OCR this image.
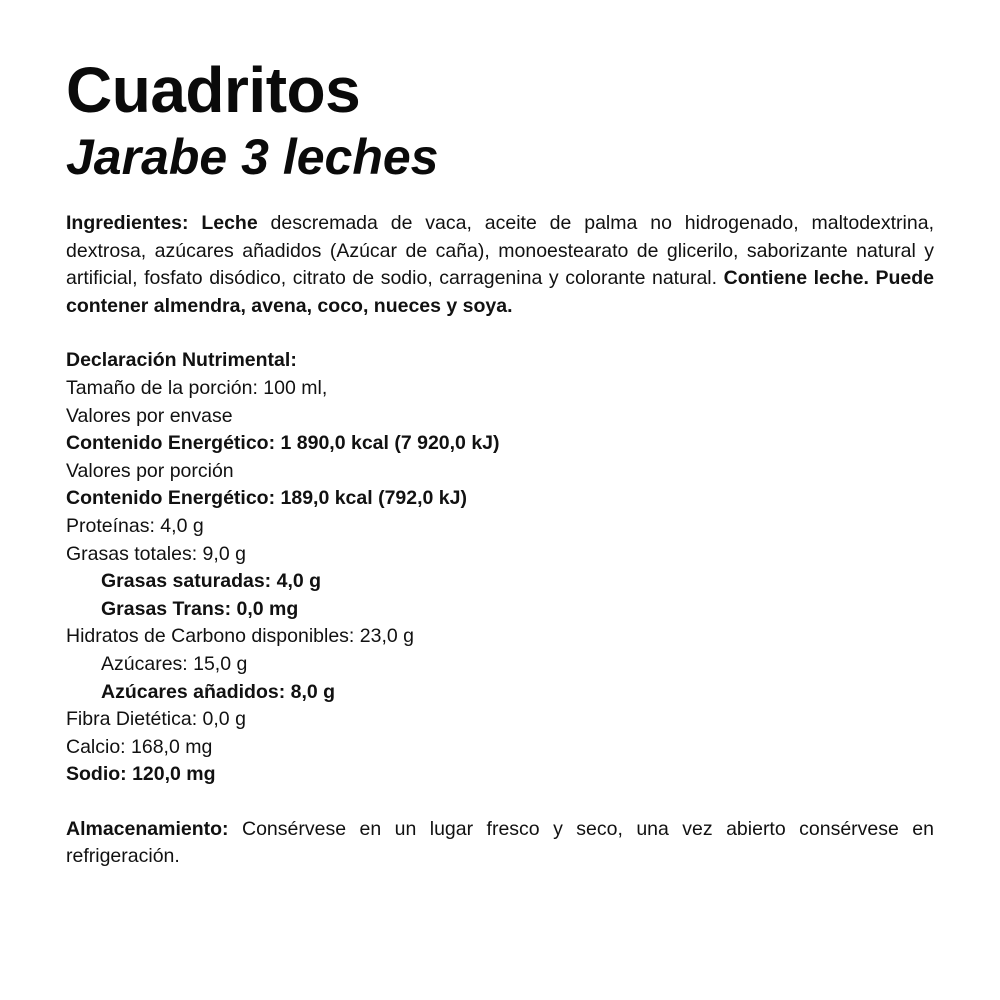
Cuadritos
Jarabe 3 leches

Ingredientes: Leche descremada de vaca, aceite de palma no hidrogenado, maltodextrina, dextrosa, azúcares añadidos (Azúcar de caña), monoestearato de glicerilo, saborizante natural y artificial, fosfato disódico, citrato de sodio, carragenina y colorante natural. Contiene leche. Puede contener almendra, avena, coco, nueces y soya.

Declaración Nutrimental:
Tamaño de la porción: 100 ml,
Valores por envase
Contenido Energético: 1 890,0 kcal (7 920,0 kJ)
Valores por porción
Contenido Energético: 189,0 kcal (792,0 kJ)
Proteínas: 4,0 g
Grasas totales: 9,0 g
Grasas saturadas: 4,0 g
Grasas Trans: 0,0 mg
Hidratos de Carbono disponibles: 23,0 g
Azúcares: 15,0 g
Azúcares añadidos: 8,0 g
Fibra Dietética: 0,0 g
Calcio: 168,0 mg
Sodio: 120,0 mg

Almacenamiento: Consérvese en un lugar fresco y seco, una vez abierto consérvese en refrigeración.
